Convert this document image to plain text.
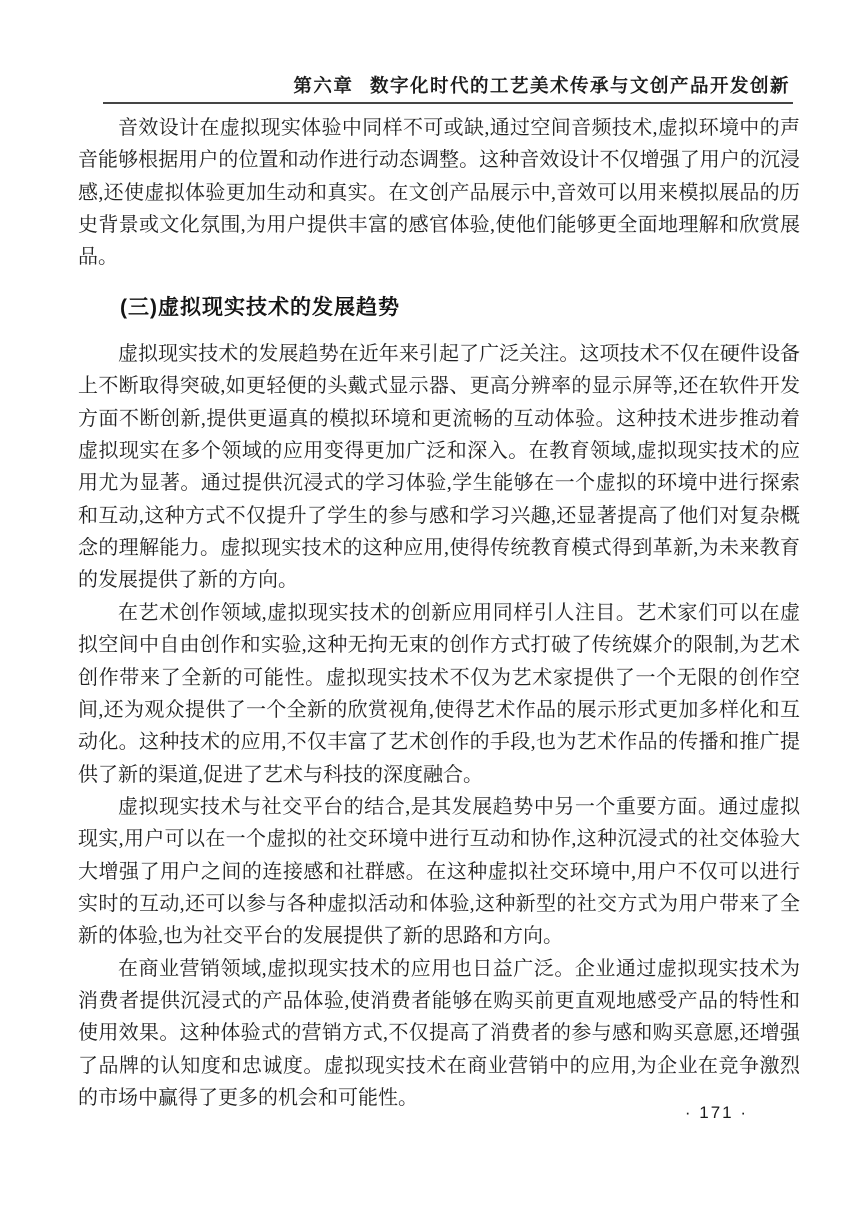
第六章 数字化时代的工艺美术传承与文创产品开发创新

音效设计在虚拟现实体验中同样不可或缺,通过空间音频技术,虚拟环境中的声音能够根据用户的位置和动作进行动态调整。这种音效设计不仅增强了用户的沉浸感,还使虚拟体验更加生动和真实。在文创产品展示中,音效可以用来模拟展品的历史背景或文化氛围,为用户提供丰富的感官体验,使他们能够更全面地理解和欣赏展品。

(三)虚拟现实技术的发展趋势

虚拟现实技术的发展趋势在近年来引起了广泛关注。这项技术不仅在硬件设备上不断取得突破,如更轻便的头戴式显示器、更高分辨率的显示屏等,还在软件开发方面不断创新,提供更逼真的模拟环境和更流畅的互动体验。这种技术进步推动着虚拟现实在多个领域的应用变得更加广泛和深入。在教育领域,虚拟现实技术的应用尤为显著。通过提供沉浸式的学习体验,学生能够在一个虚拟的环境中进行探索和互动,这种方式不仅提升了学生的参与感和学习兴趣,还显著提高了他们对复杂概念的理解能力。虚拟现实技术的这种应用,使得传统教育模式得到革新,为未来教育的发展提供了新的方向。

在艺术创作领域,虚拟现实技术的创新应用同样引人注目。艺术家们可以在虚拟空间中自由创作和实验,这种无拘无束的创作方式打破了传统媒介的限制,为艺术创作带来了全新的可能性。虚拟现实技术不仅为艺术家提供了一个无限的创作空间,还为观众提供了一个全新的欣赏视角,使得艺术作品的展示形式更加多样化和互动化。这种技术的应用,不仅丰富了艺术创作的手段,也为艺术作品的传播和推广提供了新的渠道,促进了艺术与科技的深度融合。

虚拟现实技术与社交平台的结合,是其发展趋势中另一个重要方面。通过虚拟现实,用户可以在一个虚拟的社交环境中进行互动和协作,这种沉浸式的社交体验大大增强了用户之间的连接感和社群感。在这种虚拟社交环境中,用户不仅可以进行实时的互动,还可以参与各种虚拟活动和体验,这种新型的社交方式为用户带来了全新的体验,也为社交平台的发展提供了新的思路和方向。

在商业营销领域,虚拟现实技术的应用也日益广泛。企业通过虚拟现实技术为消费者提供沉浸式的产品体验,使消费者能够在购买前更直观地感受产品的特性和使用效果。这种体验式的营销方式,不仅提高了消费者的参与感和购买意愿,还增强了品牌的认知度和忠诚度。虚拟现实技术在商业营销中的应用,为企业在竞争激烈的市场中赢得了更多的机会和可能性。

· 171 ·
